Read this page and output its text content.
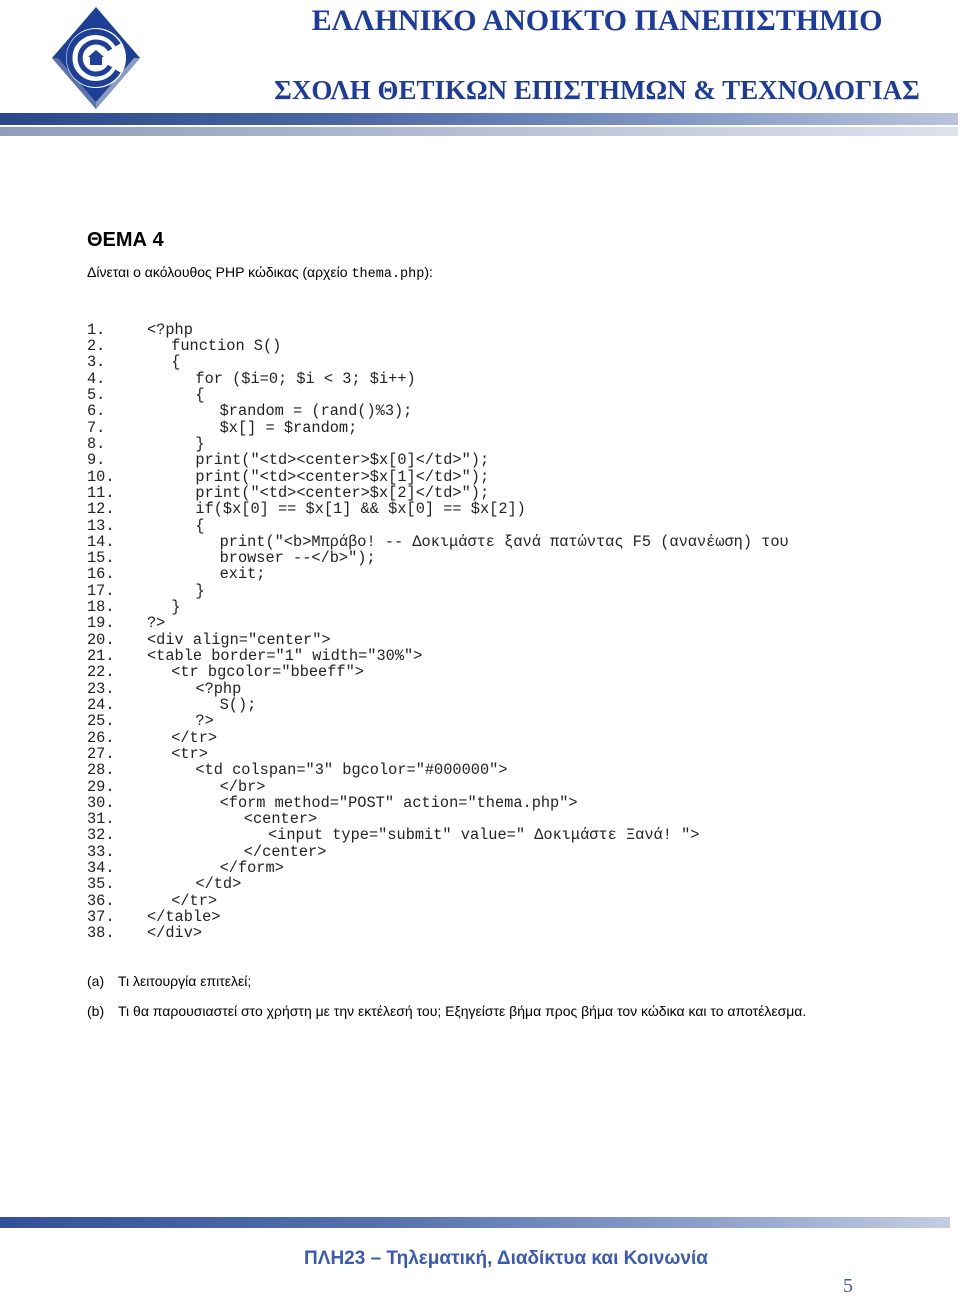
ΕΛΛΗΝΙΚΟ ΑΝΟΙΚΤΟ ΠΑΝΕΠΙΣΤΗΜΙΟ
ΣΧΟΛΗ ΘΕΤΙΚΩΝ ΕΠΙΣΤΗΜΩΝ & ΤΕΧΝΟΛΟΓΙΑΣ
ΘΕΜΑ 4
Δίνεται ο ακόλουθος PHP κώδικας (αρχείο thema.php):
1.	<?php
2.	function S()
3.	{
4.	for ($i=0; $i < 3; $i++)
5.	{
6.	$random = (rand()%3);
7.	$x[] = $random;
8.	}
9.	print("<td><center>$x[0]</td>");
10.	print("<td><center>$x[1]</td>");
11.	print("<td><center>$x[2]</td>");
12.	if($x[0] == $x[1] && $x[0] == $x[2])
13.	{
14.	print("<b>Μπράβο! -- Δοκιμάστε ξανά πατώντας F5 (ανανέωση) του
15.	browser --</b>");
16.	exit;
17.	}
18.	}
19.	?>
20.	<div align="center">
21.	<table border="1" width="30%">
22.	<tr bgcolor="bbeeff">
23.	<?php
24.	S();
25.	?>
26.	</tr>
27.	<tr>
28.	<td colspan="3" bgcolor="#000000">
29.	</br>
30.	<form method="POST" action="thema.php">
31.	<center>
32.	<input type="submit" value=" Δοκιμάστε Ξανά! ">
33.	</center>
34.	</form>
35.	</td>
36.	</tr>
37.	</table>
38.	</div>
(a) Τι λειτουργία επιτελεί;
(b) Τι θα παρουσιαστεί στο χρήστη με την εκτέλεσή του; Εξηγείστε βήμα προς βήμα τον κώδικα και το αποτέλεσμα.
ΠΛΗ23 – Τηλεματική, Διαδίκτυα και Κοινωνία
5
